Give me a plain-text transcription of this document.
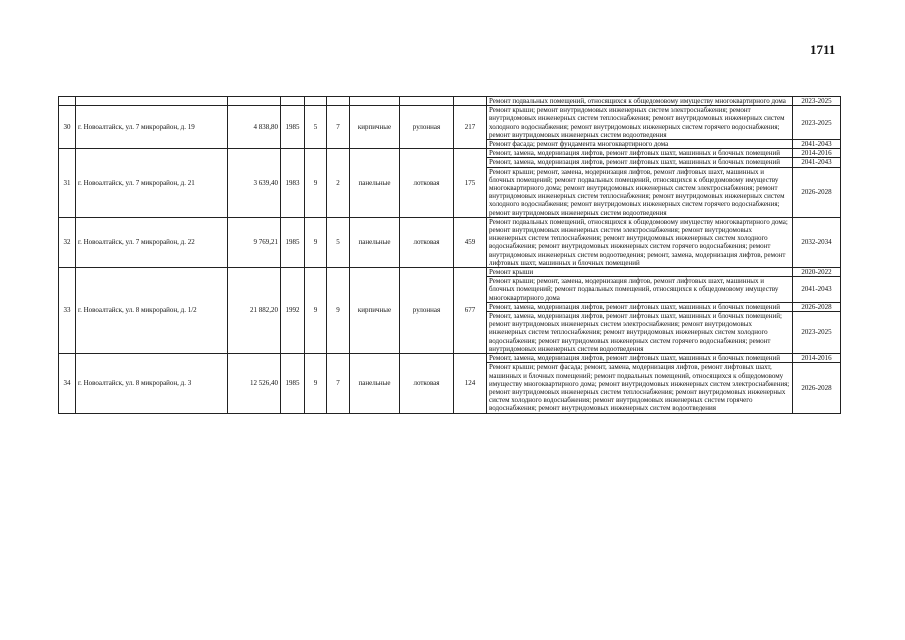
1711
									Ремонт подвальных помещений, относящихся к общедомовому имуществу многоквартирного дома	2023-2025
30	г. Новоалтайск, ул. 7 микрорайон, д. 19	4 838,80	1985	5	7	кирпичные	рулонная	217	Ремонт крыши; ремонт внутридомовых инженерных систем электроснабжения; ремонт внутридомовых инженерных систем теплоснабжения; ремонт внутридомовых инженерных систем холодного водоснабжения; ремонт внутридомовых инженерных систем горячего водоснабжения; ремонт внутридомовых инженерных систем водоотведения	2023-2025
									Ремонт фасада; ремонт фундамента многоквартирного дома	2041-2043
31	г. Новоалтайск, ул. 7 микрорайон, д. 21	3 639,40	1983	9	2	панельные	лотковая	175	Ремонт, замена, модернизация лифтов, ремонт лифтовых шахт, машинных и блочных помещений	2014-2016
									Ремонт, замена, модернизация лифтов, ремонт лифтовых шахт, машинных и блочных помещений	2041-2043
									Ремонт крыши; ремонт, замена, модернизация лифтов, ремонт лифтовых шахт, машинных и блочных помещений; ремонт подвальных помещений, относящихся к общедомовому имуществу многоквартирного дома; ремонт внутридомовых инженерных систем электроснабжения; ремонт внутридомовых инженерных систем теплоснабжения; ремонт внутридомовых инженерных систем холодного водоснабжения; ремонт внутридомовых инженерных систем горячего водоснабжения; ремонт внутридомовых инженерных систем водоотведения	2026-2028
32	г. Новоалтайск, ул. 7 микрорайон, д. 22	9 769,21	1985	9	5	панельные	лотковая	459	Ремонт подвальных помещений, относящихся к общедомовому имуществу многоквартирного дома; ремонт внутридомовых инженерных систем электроснабжения; ремонт внутридомовых инженерных систем теплоснабжения; ремонт внутридомовых инженерных систем холодного водоснабжения; ремонт внутридомовых инженерных систем горячего водоснабжения; ремонт внутридомовых инженерных систем водоотведения; ремонт, замена, модернизация лифтов, ремонт лифтовых шахт, машинных и блочных помещений	2032-2034
33	г. Новоалтайск, ул. 8 микрорайон, д. 1/2	21 882,20	1992	9	9	кирпичные	рулонная	677	Ремонт крыши	2020-2022
									Ремонт крыши; ремонт, замена, модернизация лифтов, ремонт лифтовых шахт, машинных и блочных помещений; ремонт подвальных помещений, относящихся к общедомовому имуществу многоквартирного дома	2041-2043
									Ремонт, замена, модернизация лифтов, ремонт лифтовых шахт, машинных и блочных помещений	2026-2028
									Ремонт, замена, модернизация лифтов, ремонт лифтовых шахт, машинных и блочных помещений; ремонт внутридомовых инженерных систем электроснабжения; ремонт внутридомовых инженерных систем теплоснабжения; ремонт внутридомовых инженерных систем холодного водоснабжения; ремонт внутридомовых инженерных систем горячего водоснабжения; ремонт внутридомовых инженерных систем водоотведения	2023-2025
34	г. Новоалтайск, ул. 8 микрорайон, д. 3	12 526,40	1985	9	7	панельные	лотковая	124	Ремонт, замена, модернизация лифтов, ремонт лифтовых шахт, машинных и блочных помещений	2014-2016
									Ремонт крыши; ремонт фасада; ремонт, замена, модернизация лифтов, ремонт лифтовых шахт, машинных и блочных помещений; ремонт подвальных помещений, относящихся к общедомовому имуществу многоквартирного дома; ремонт внутридомовых инженерных систем электроснабжения; ремонт внутридомовых инженерных систем теплоснабжения; ремонт внутридомовых инженерных систем холодного водоснабжения; ремонт внутридомовых инженерных систем горячего водоснабжения; ремонт внутридомовых инженерных систем водоотведения	2026-2028
